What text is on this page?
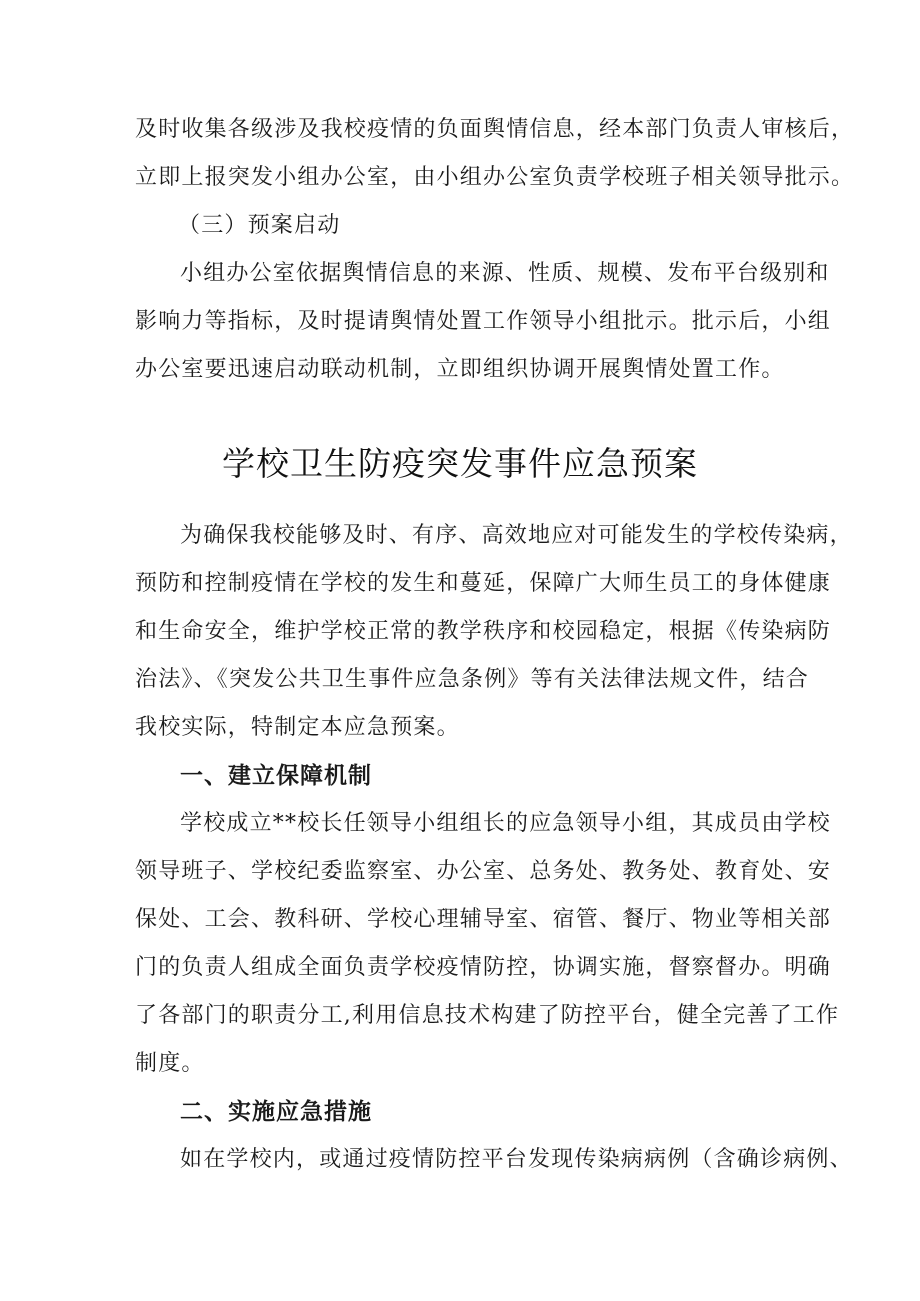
及时收集各级涉及我校疫情的负面舆情信息，经本部门负责人审核后，
立即上报突发小组办公室，由小组办公室负责学校班子相关领导批示。
（三）预案启动
小组办公室依据舆情信息的来源、性质、规模、发布平台级别和
影响力等指标，及时提请舆情处置工作领导小组批示。批示后，小组
办公室要迅速启动联动机制，立即组织协调开展舆情处置工作。
学校卫生防疫突发事件应急预案
为确保我校能够及时、有序、高效地应对可能发生的学校传染病，
预防和控制疫情在学校的发生和蔓延，保障广大师生员工的身体健康
和生命安全，维护学校正常的教学秩序和校园稳定，根据《传染病防
治法》、《突发公共卫生事件应急条例》等有关法律法规文件，结合
我校实际，特制定本应急预案。
一、建立保障机制
学校成立**校长任领导小组组长的应急领导小组，其成员由学校
领导班子、学校纪委监察室、办公室、总务处、教务处、教育处、安
保处、工会、教科研、学校心理辅导室、宿管、餐厅、物业等相关部
门的负责人组成全面负责学校疫情防控，协调实施，督察督办。明确
了各部门的职责分工,利用信息技术构建了防控平台，健全完善了工作
制度。
二、实施应急措施
如在学校内，或通过疫情防控平台发现传染病病例（含确诊病例、
